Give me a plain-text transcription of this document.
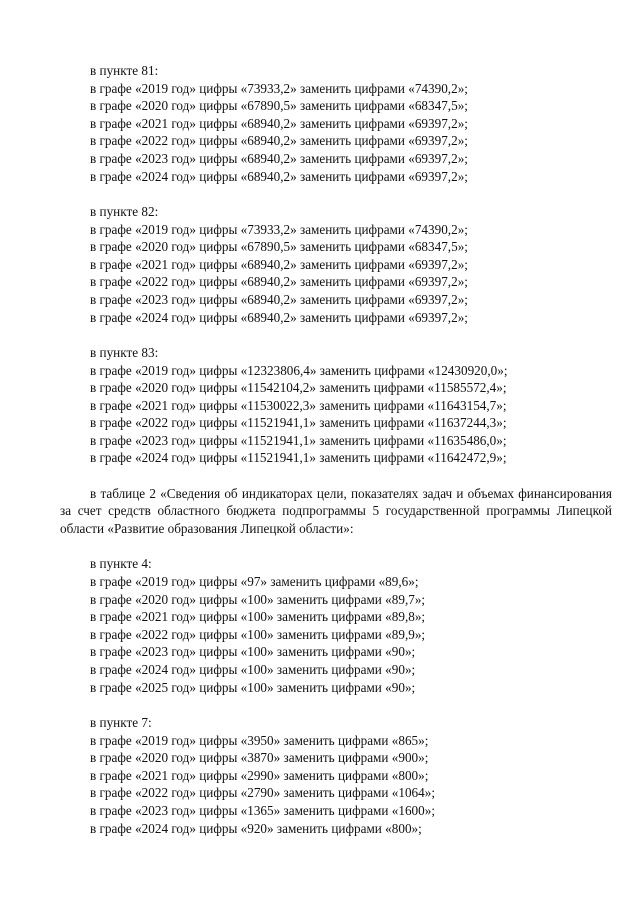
в пункте 81:
в графе «2019 год» цифры «73933,2» заменить цифрами «74390,2»;
в графе «2020 год» цифры «67890,5» заменить цифрами «68347,5»;
в графе «2021 год» цифры «68940,2» заменить цифрами «69397,2»;
в графе «2022 год» цифры «68940,2» заменить цифрами «69397,2»;
в графе «2023 год» цифры «68940,2» заменить цифрами «69397,2»;
в графе «2024 год» цифры «68940,2» заменить цифрами «69397,2»;
в пункте 82:
в графе «2019 год» цифры «73933,2» заменить цифрами «74390,2»;
в графе «2020 год» цифры «67890,5» заменить цифрами «68347,5»;
в графе «2021 год» цифры «68940,2» заменить цифрами «69397,2»;
в графе «2022 год» цифры «68940,2» заменить цифрами «69397,2»;
в графе «2023 год» цифры «68940,2» заменить цифрами «69397,2»;
в графе «2024 год» цифры «68940,2» заменить цифрами «69397,2»;
в пункте 83:
в графе «2019 год» цифры «12323806,4» заменить цифрами «12430920,0»;
в графе «2020 год» цифры «11542104,2» заменить цифрами «11585572,4»;
в графе «2021 год» цифры «11530022,3» заменить цифрами «11643154,7»;
в графе «2022 год» цифры «11521941,1» заменить цифрами «11637244,3»;
в графе «2023 год» цифры «11521941,1» заменить цифрами «11635486,0»;
в графе «2024 год» цифры «11521941,1» заменить цифрами «11642472,9»;
в таблице 2 «Сведения об индикаторах цели, показателях задач и объемах финансирования за счет средств областного бюджета подпрограммы 5 государственной программы Липецкой области «Развитие образования Липецкой области»:
в пункте 4:
в графе «2019 год» цифры «97» заменить цифрами «89,6»;
в графе «2020 год» цифры «100» заменить цифрами «89,7»;
в графе «2021 год» цифры «100» заменить цифрами «89,8»;
в графе «2022 год» цифры «100» заменить цифрами «89,9»;
в графе «2023 год» цифры «100» заменить цифрами «90»;
в графе «2024 год» цифры «100» заменить цифрами «90»;
в графе «2025 год» цифры «100» заменить цифрами «90»;
в пункте 7:
в графе «2019 год» цифры «3950» заменить цифрами «865»;
в графе «2020 год» цифры «3870» заменить цифрами «900»;
в графе «2021 год» цифры «2990» заменить цифрами «800»;
в графе «2022 год» цифры «2790» заменить цифрами «1064»;
в графе «2023 год» цифры «1365» заменить цифрами «1600»;
в графе «2024 год» цифры «920» заменить цифрами «800»;
